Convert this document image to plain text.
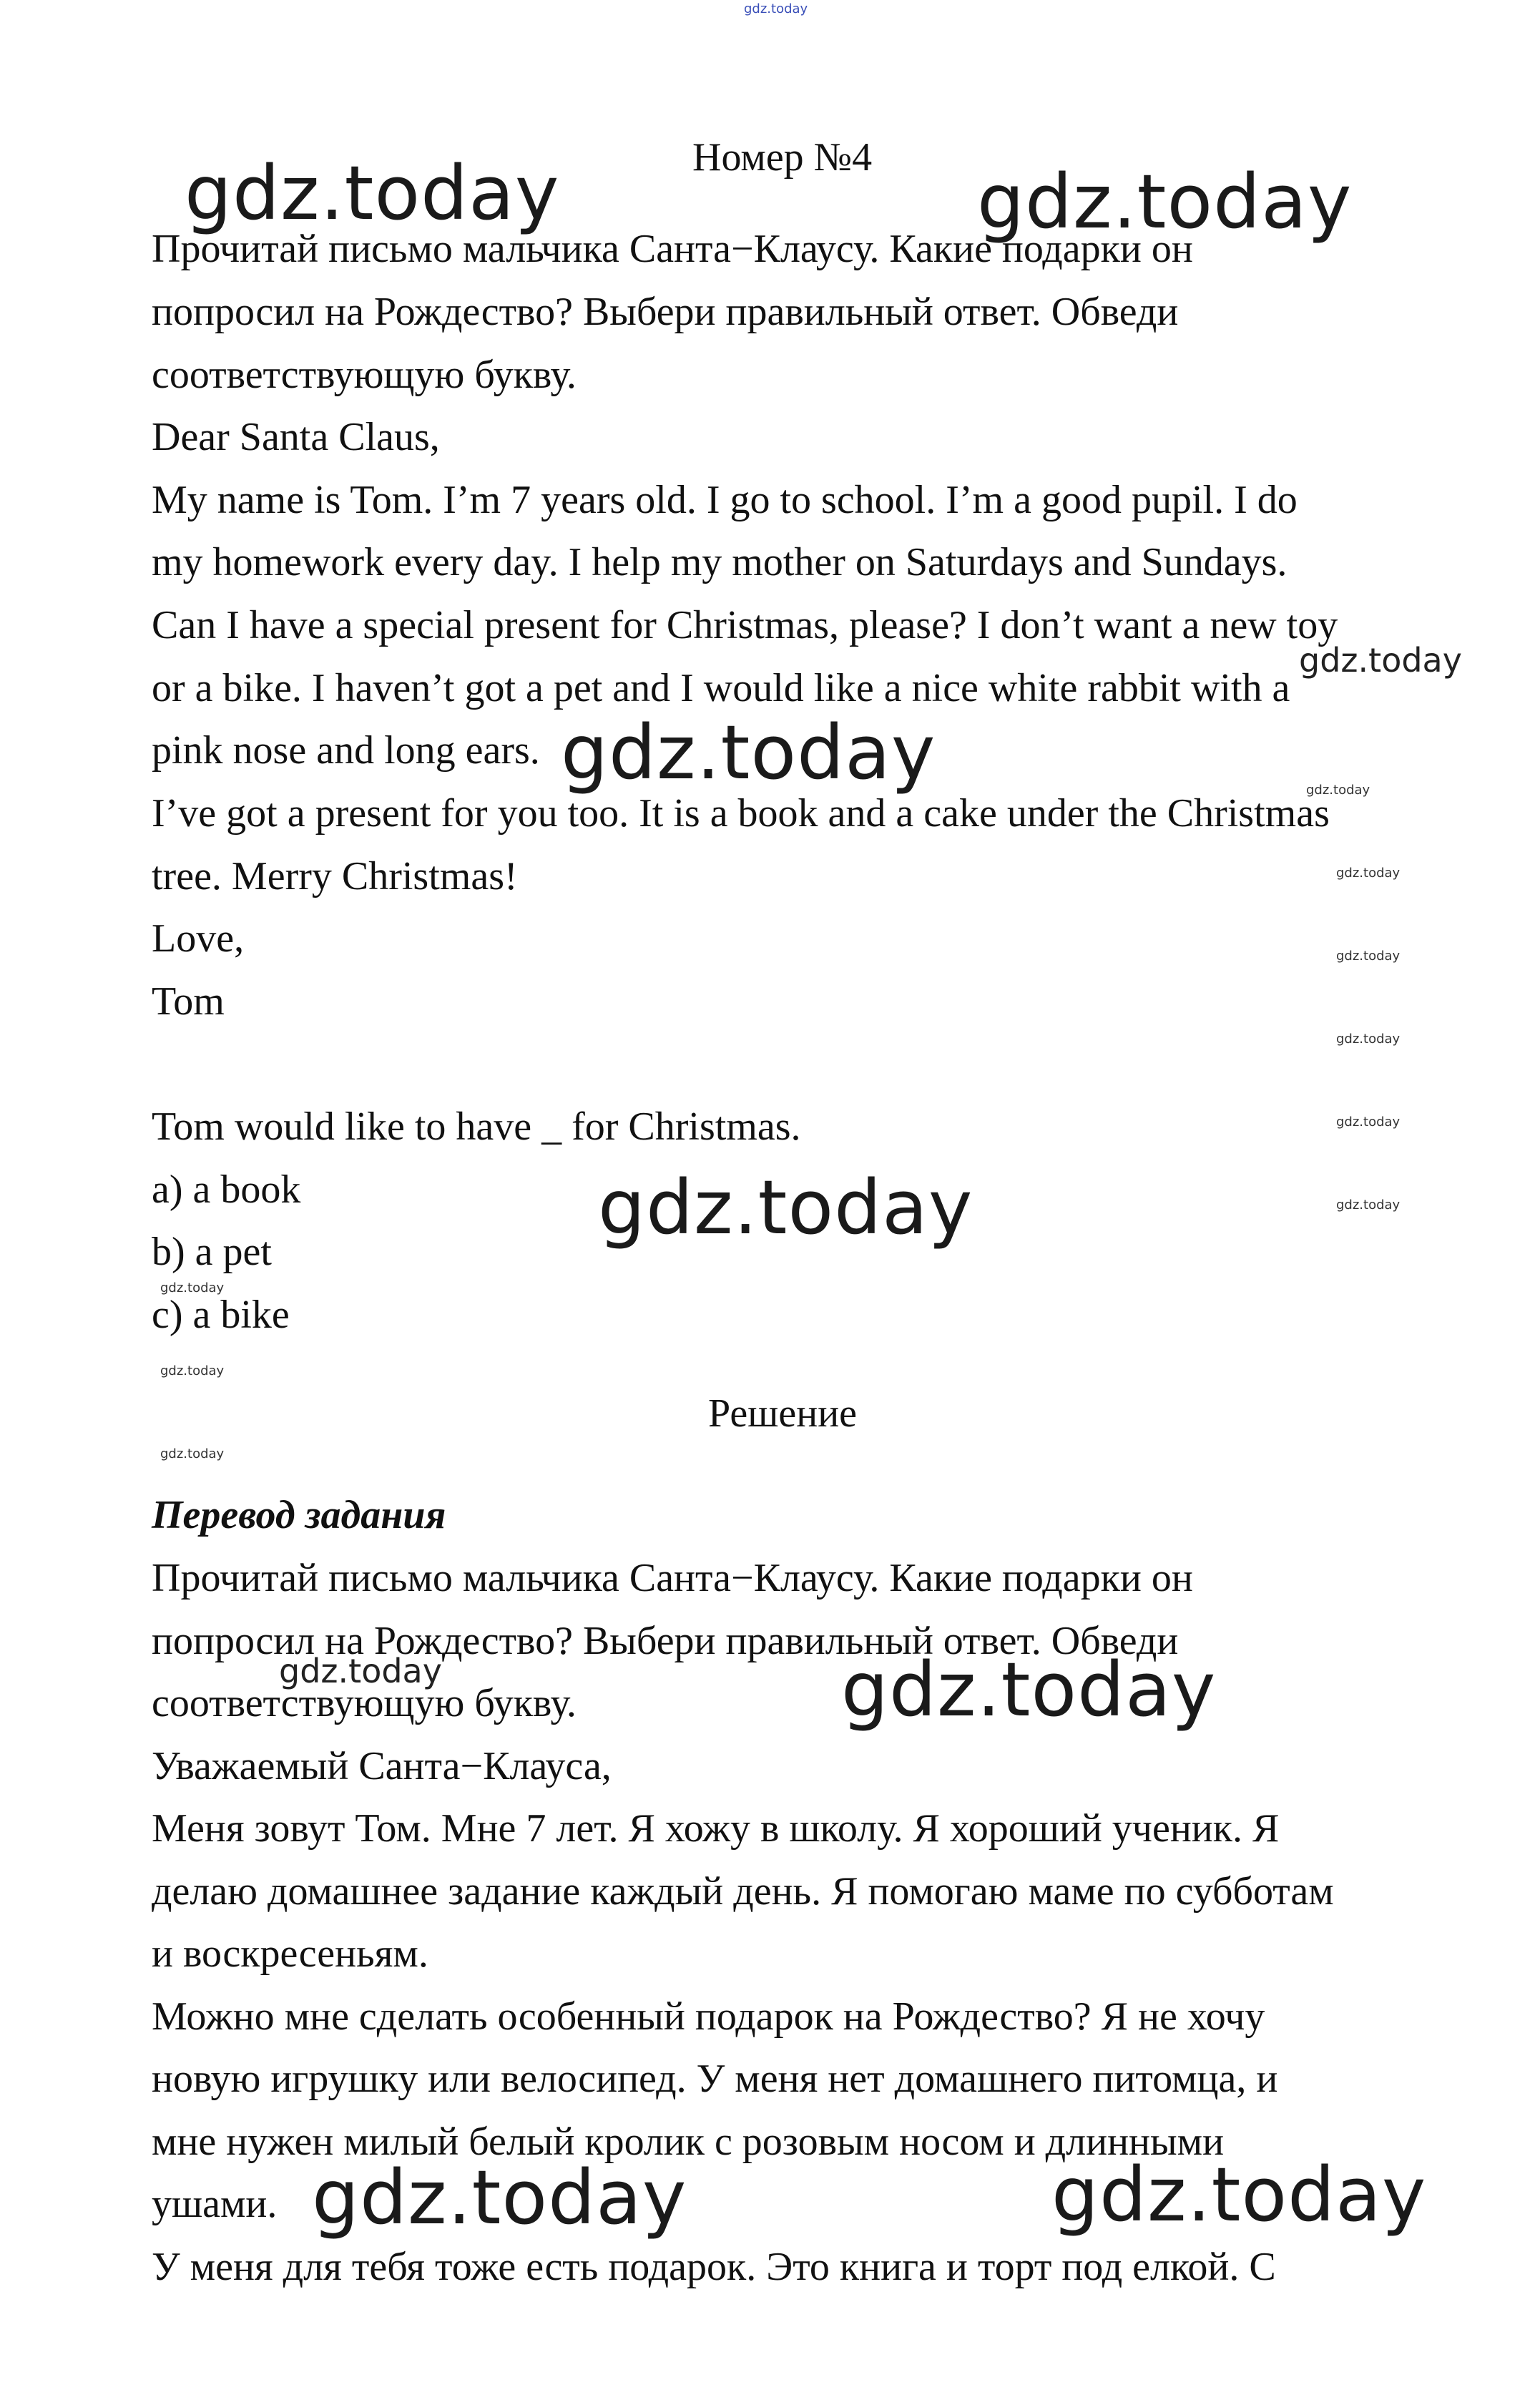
gdz.today
Номер №4
gdz.today	gdz.today
Прочитай письмо мальчика Санта−Клаусу. Какие подарки он
попросил на Рождество? Выбери правильный ответ. Обведи
соответствующую букву.
Dear Santa Claus,
My name is Tom. I’m 7 years old. I go to school. I’m a good pupil. I do
my homework every day. I help my mother on Saturdays and Sundays.
Can I have a special present for Christmas, please? I don’t want a new toy
gdz.today
or a bike. I haven’t got a pet and I would like a nice white rabbit with a
pink nose and long ears. gdz.today	gdz.today
I’ve got a present for you too. It is a book and a cake under the Christmas
tree. Merry Christmas!	gdz.today
Love,	gdz.today
Tom
gdz.today
Tom would like to have _ for Christmas.	gdz.today
a) a book	gdz.today	gdz.today
b) a pet
gdz.today
c) a bike
gdz.today
Решение
gdz.today
Перевод задания
Прочитай письмо мальчика Санта−Клаусу. Какие подарки он
попросил на Рождество? Выбери правильный ответ. Обведи
gdz.today
соответствующую букву.	gdz.today
Уважаемый Санта−Клауса,
Меня зовут Том. Мне 7 лет. Я хожу в школу. Я хороший ученик. Я
делаю домашнее задание каждый день. Я помогаю маме по субботам
и воскресеньям.
Можно мне сделать особенный подарок на Рождество? Я не хочу
новую игрушку или велосипед. У меня нет домашнего питомца, и
мне нужен милый белый кролик с розовым носом и длинными
ушами. gdz.today	gdz.today
У меня для тебя тоже есть подарок. Это книга и торт под елкой. С
